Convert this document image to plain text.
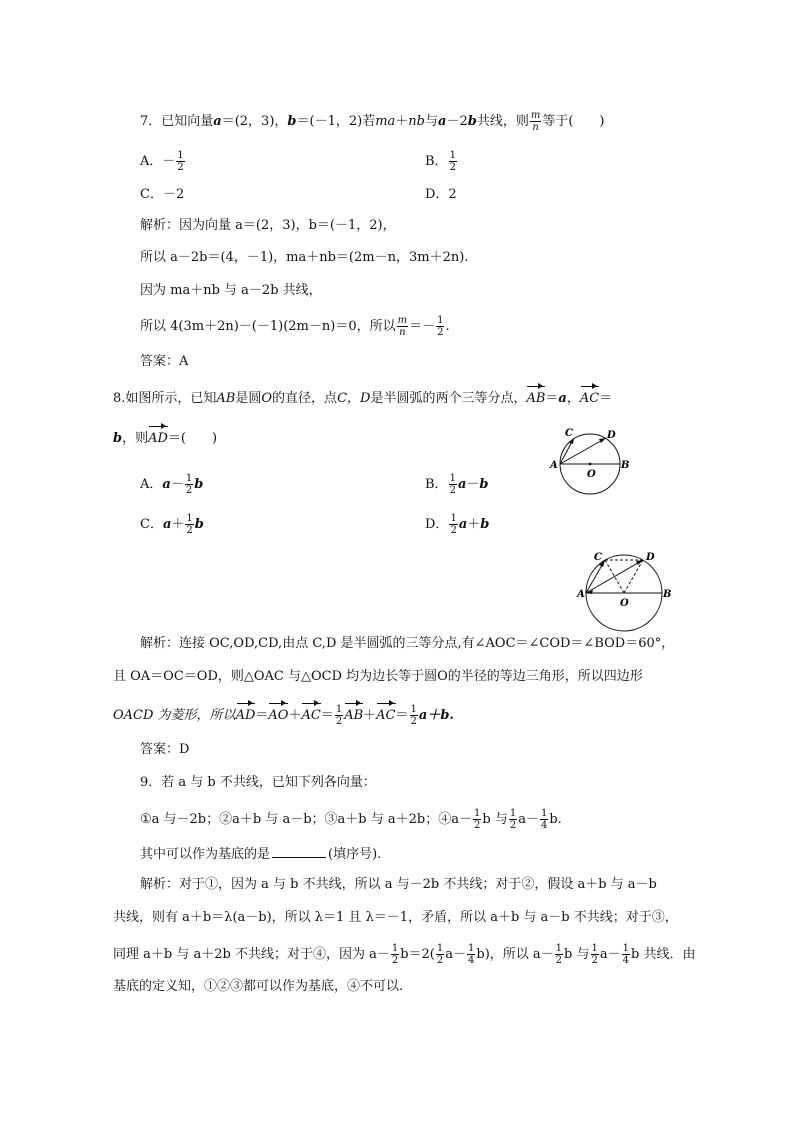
7．已知向量a＝(2，3)，b＝(－1，2)若ma＋nb与a－2b共线，则 $\frac{m}{n}$ 等于(　　)
A．－ $\frac{1}{2}$	B． $\frac{1}{2}$
C．－2	D．2
解析：因为向量 a＝(2，3)，b＝(－1，2)，
所以 a－2b＝(4，－1)，ma＋nb＝(2m－n，3m＋2n).
因为 ma＋nb 与 a－2b 共线，
所以 4(3m＋2n)－(－1)(2m－n)＝0，所以 $\frac{m}{n} =- \frac{1}{2}$ .
答案：A
8.如图所示，已知AB是圆O的直径，点C，D是半圆弧的两个三等分点，AB＝a，AC＝
b，则AD＝(　　)
A．$a- \frac{1}{2}$ b	B． $\frac{1}{2} a-b$
C．$a+ \frac{1}{2}$ b	D． $\frac{1}{2} a+b$
C	D
A	B
O
C	D
A	B
O
解析：连接 OC,OD,CD,由点 C,D 是半圆弧的三等分点,有∠AOC＝∠COD＝∠BOD＝60°，
且 OA＝OC＝OD，则△OAC 与△OCD 均为边长等于圆O的半径的等边三角形，所以四边形
OACD 为菱形，所以$AD=AO+AC= \frac{1}{2} AB+AC= \frac{1}{2} a+b$.
答案：D
9．若 a 与 b 不共线，已知下列各向量：
①a 与－2b；②a＋b 与 a－b；③a＋b 与 a＋2b；④a－ $\frac{1}{2}$ b 与 $\frac{1}{2} a- \frac{1}{4} b$.
其中可以作为基底的是	(填序号).
解析：对于①，因为 a 与 b 不共线，所以 a 与－2b 不共线；对于②，假设 a＋b 与 a－b
共线，则有 a＋b＝λ(a－b)，所以 λ＝1 且 λ＝－1，矛盾，所以 a＋b 与 a－b 不共线；对于③，
同理 a＋b 与 a＋2b 不共线；对于④，因为 $a- \frac{1}{2} b=2( \frac{1}{2} a- \frac{1}{4} b)$，所以 $a- \frac{1}{2}$ b 与 $\frac{1}{2} a- \frac{1}{4}$ b 共线．由
基底的定义知，①②③都可以作为基底，④不可以.
